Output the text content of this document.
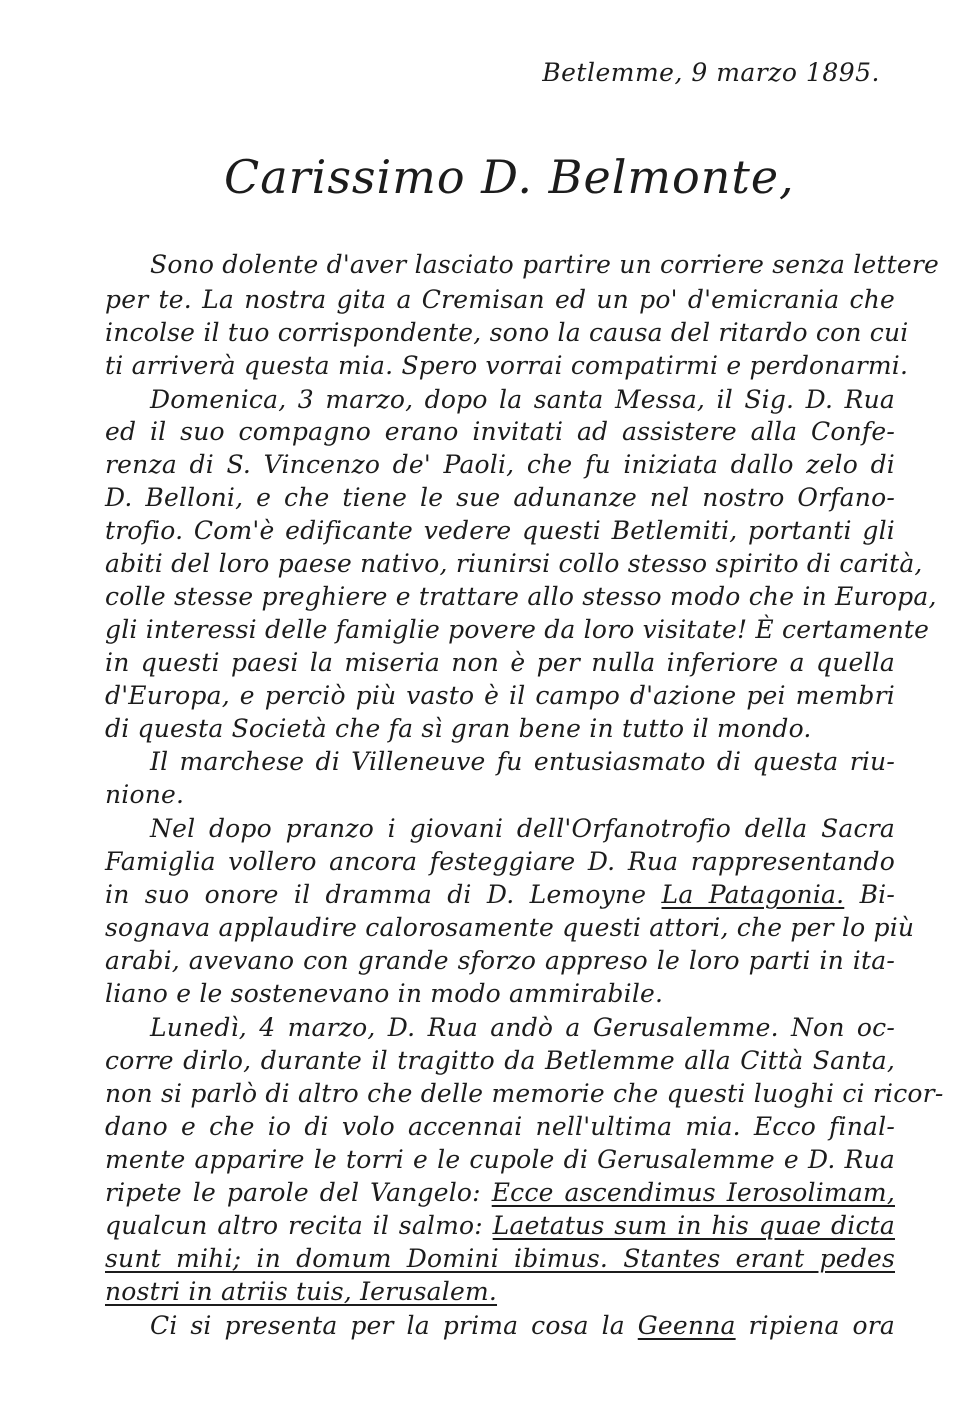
Betlemme, 9 marzo 1895.
Carissimo D. Belmonte,
Sono dolente d'aver lasciato partire un corriere senza lettere
per te. La nostra gita a Cremisan ed un po' d'emicrania che
incolse il tuo corrispondente, sono la causa del ritardo con cui
ti arriverà questa mia. Spero vorrai compatirmi e perdonarmi.
Domenica, 3 marzo, dopo la santa Messa, il Sig. D. Rua
ed il suo compagno erano invitati ad assistere alla Confe-
renza di S. Vincenzo de' Paoli, che fu iniziata dallo zelo di
D. Belloni, e che tiene le sue adunanze nel nostro Orfano-
trofio. Com'è edificante vedere questi Betlemiti, portanti gli
abiti del loro paese nativo, riunirsi collo stesso spirito di carità,
colle stesse preghiere e trattare allo stesso modo che in Europa,
gli interessi delle famiglie povere da loro visitate! È certamente
in questi paesi la miseria non è per nulla inferiore a quella
d'Europa, e perciò più vasto è il campo d'azione pei membri
di questa Società che fa sì gran bene in tutto il mondo.
Il marchese di Villeneuve fu entusiasmato di questa riu-
nione.
Nel dopo pranzo i giovani dell'Orfanotrofio della Sacra
Famiglia vollero ancora festeggiare D. Rua rappresentando
in suo onore il dramma di D. Lemoyne La Patagonia. Bi-
sognava applaudire calorosamente questi attori, che per lo più
arabi, avevano con grande sforzo appreso le loro parti in ita-
liano e le sostenevano in modo ammirabile.
Lunedì, 4 marzo, D. Rua andò a Gerusalemme. Non oc-
corre dirlo, durante il tragitto da Betlemme alla Città Santa,
non si parlò di altro che delle memorie che questi luoghi ci ricor-
dano e che io di volo accennai nell'ultima mia. Ecco final-
mente apparire le torri e le cupole di Gerusalemme e D. Rua
ripete le parole del Vangelo: Ecce ascendimus Ierosolimam,
qualcun altro recita il salmo: Laetatus sum in his quae dicta
sunt mihi; in domum Domini ibimus. Stantes erant pedes
nostri in atriis tuis, Ierusalem.
Ci si presenta per la prima cosa la Geenna ripiena ora
